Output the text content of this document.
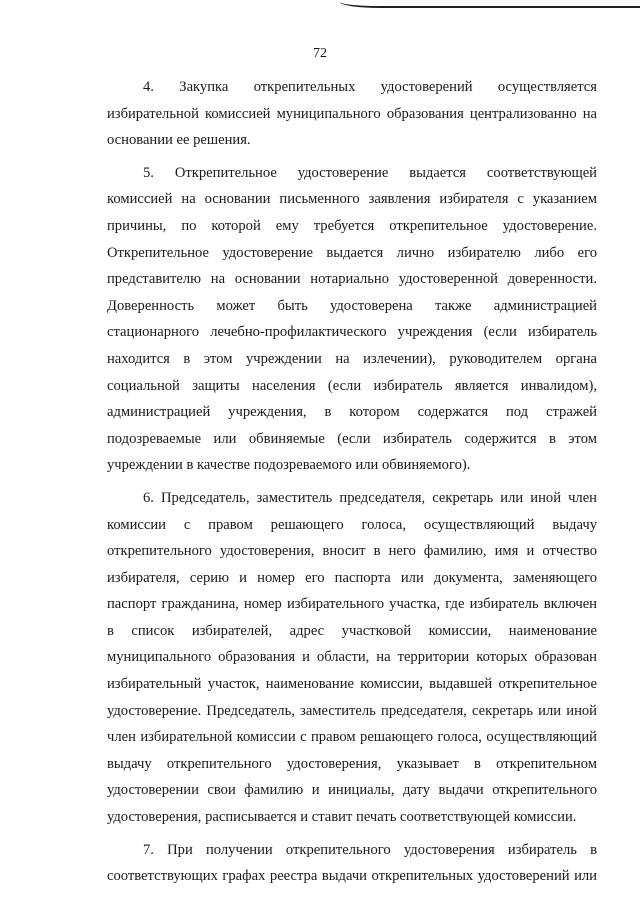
72
4. Закупка открепительных удостоверений осуществляется
избирательной комиссией муниципального образования централизованно на
основании ее решения.
5. Открепительное удостоверение выдается соответствующей
комиссией на основании письменного заявления избирателя с указанием
причины, по которой ему требуется открепительное удостоверение.
Открепительное удостоверение выдается лично избирателю либо его
представителю на основании нотариально удостоверенной доверенности.
Доверенность может быть удостоверена также администрацией
стационарного лечебно-профилактического учреждения (если избиратель
находится в этом учреждении на излечении), руководителем органа
социальной защиты населения (если избиратель является инвалидом),
администрацией учреждения, в котором содержатся под стражей
подозреваемые или обвиняемые (если избиратель содержится в этом
учреждении в качестве подозреваемого или обвиняемого).
6. Председатель, заместитель председателя, секретарь или иной член
комиссии с правом решающего голоса, осуществляющий выдачу
открепительного удостоверения, вносит в него фамилию, имя и отчество
избирателя, серию и номер его паспорта или документа, заменяющего
паспорт гражданина, номер избирательного участка, где избиратель включен
в список избирателей, адрес участковой комиссии, наименование
муниципального образования и области, на территории которых образован
избирательный участок, наименование комиссии, выдавшей открепительное
удостоверение. Председатель, заместитель председателя, секретарь или иной
член избирательной комиссии с правом решающего голоса, осуществляющий
выдачу открепительного удостоверения, указывает в открепительном
удостоверении свои фамилию и инициалы, дату выдачи открепительного
удостоверения, расписывается и ставит печать соответствующей комиссии.
7. При получении открепительного удостоверения избиратель в
соответствующих графах реестра выдачи открепительных удостоверений или
